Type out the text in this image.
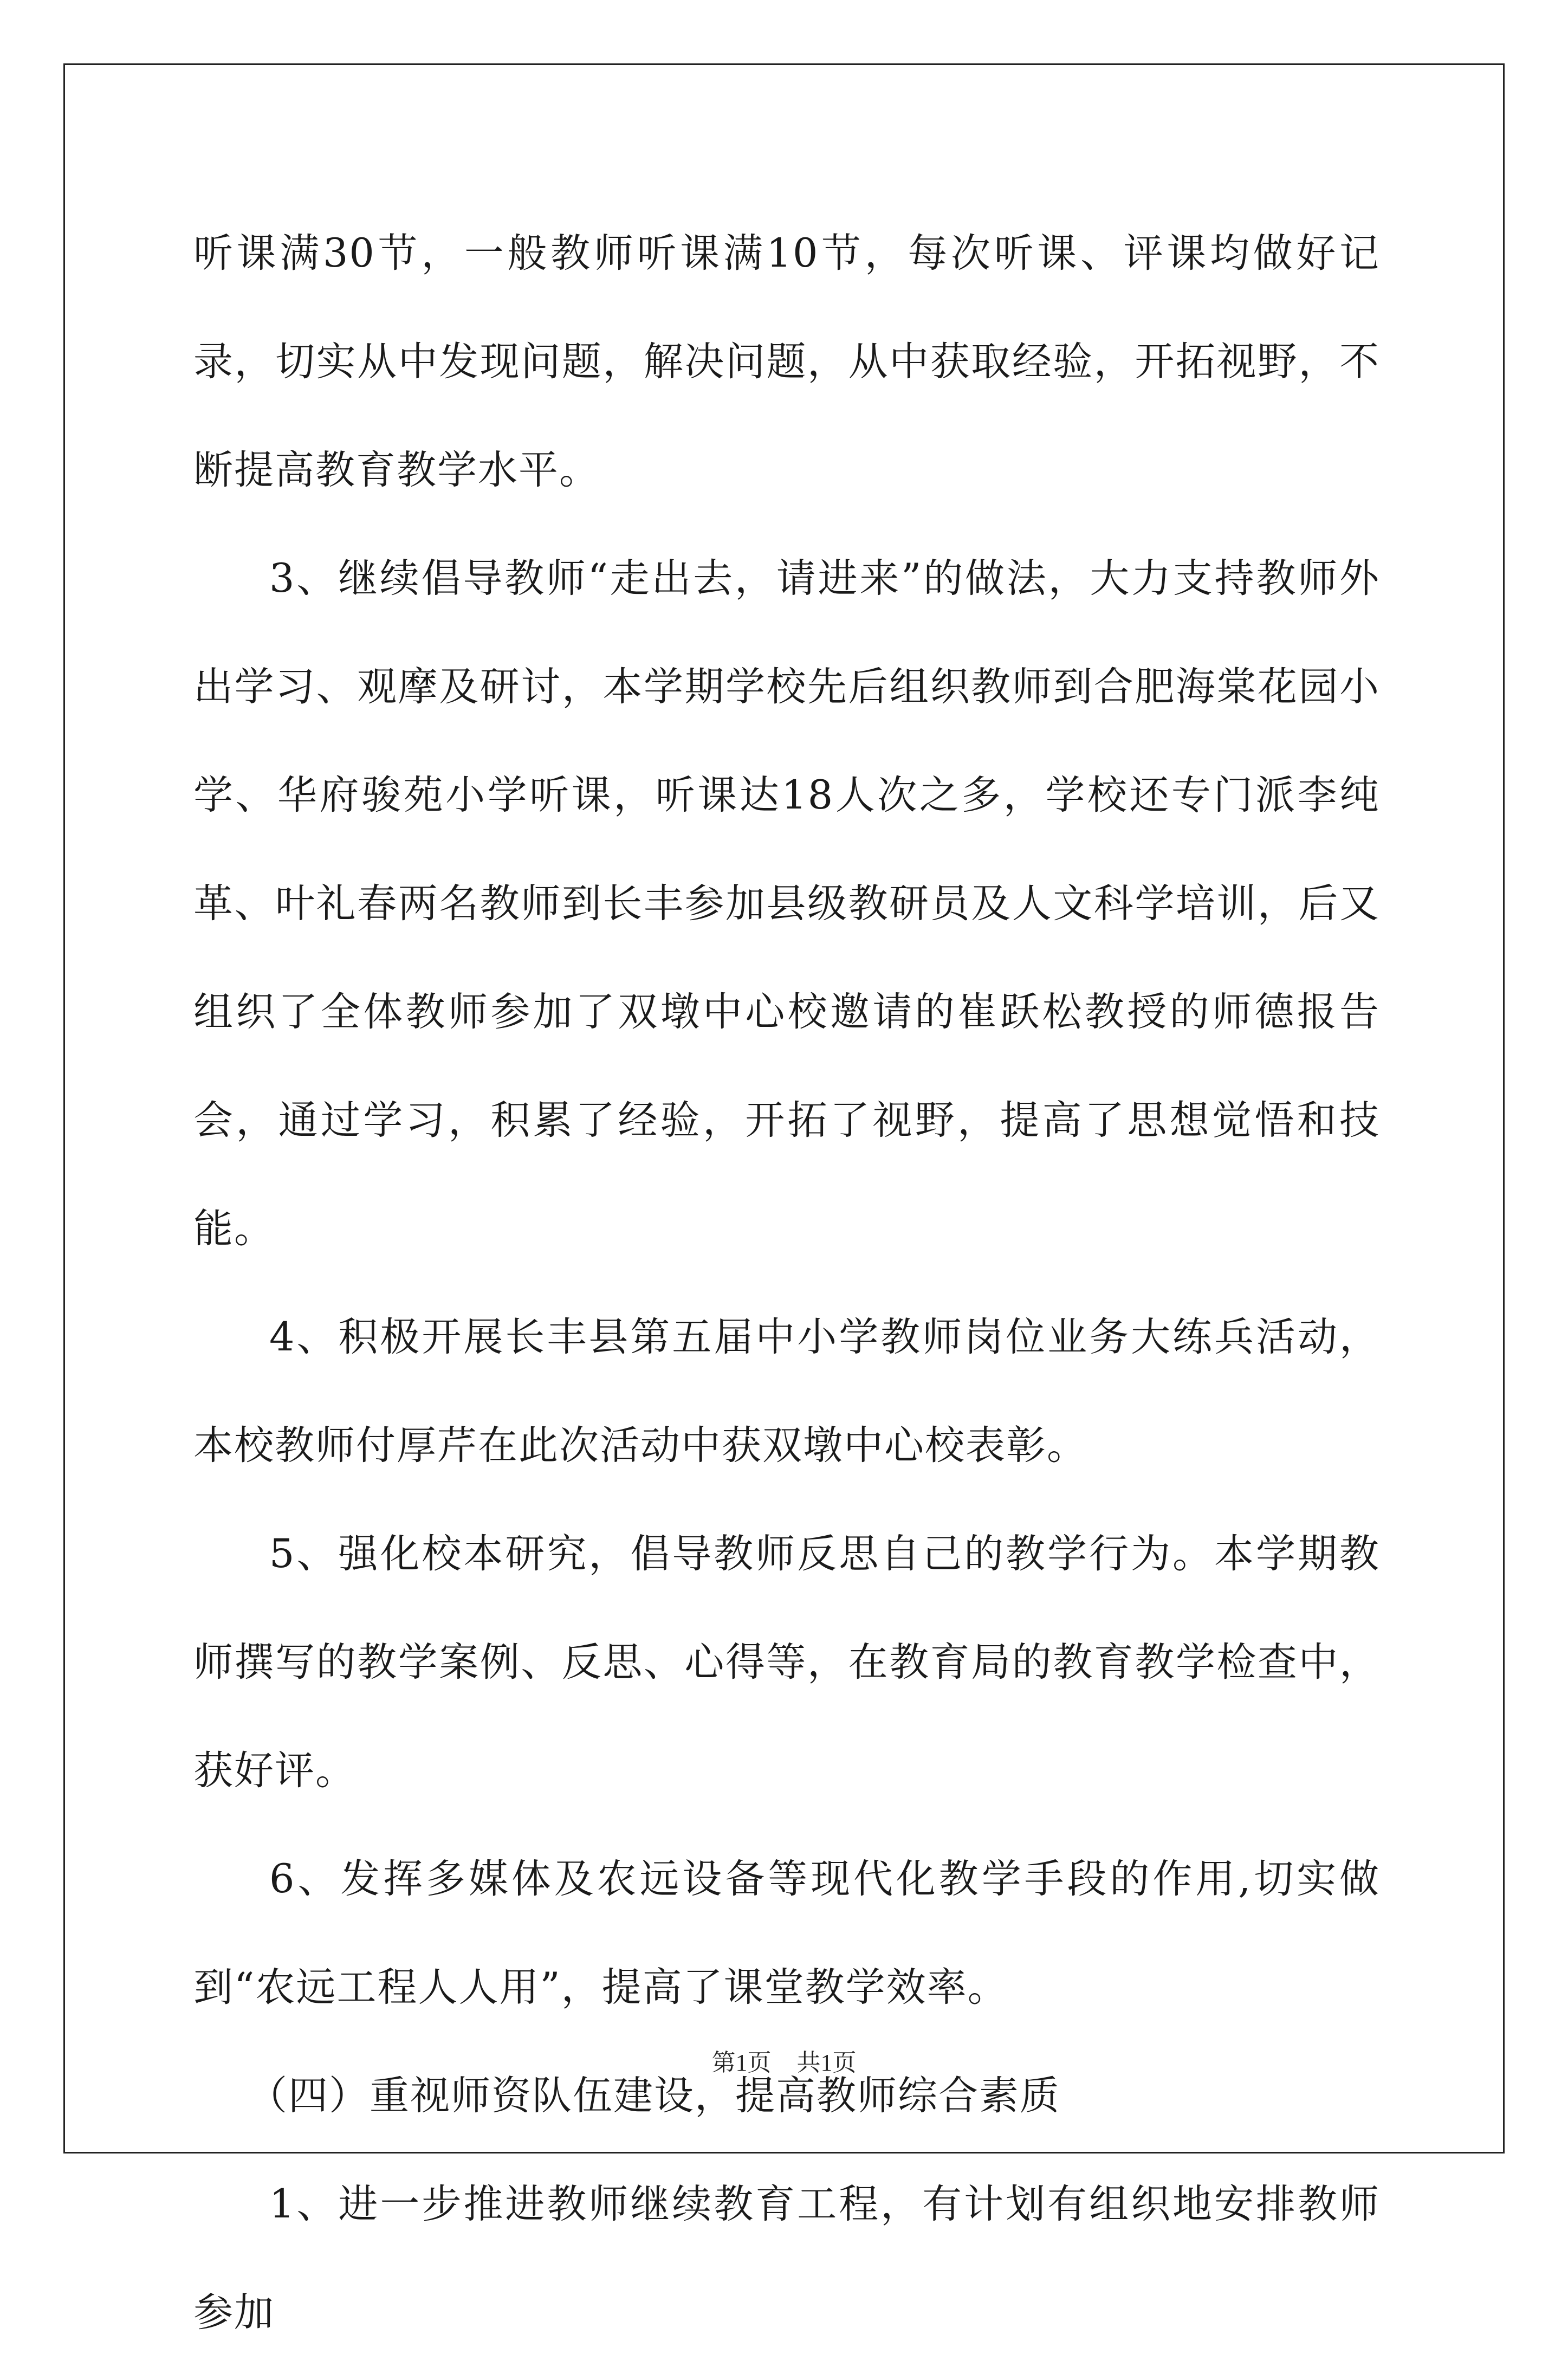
听课满30节，一般教师听课满10节，每次听课、评课均做好记录，切实从中发现问题，解决问题，从中获取经验，开拓视野，不断提高教育教学水平。

3、继续倡导教师“走出去，请进来”的做法，大力支持教师外出学习、观摩及研讨，本学期学校先后组织教师到合肥海棠花园小学、华府骏苑小学听课，听课达18人次之多，学校还专门派李纯革、叶礼春两名教师到长丰参加县级教研员及人文科学培训，后又组织了全体教师参加了双墩中心校邀请的崔跃松教授的师德报告会，通过学习，积累了经验，开拓了视野，提高了思想觉悟和技能。

4、积极开展长丰县第五届中小学教师岗位业务大练兵活动，本校教师付厚芹在此次活动中获双墩中心校表彰。

5、强化校本研究，倡导教师反思自己的教学行为。本学期教师撰写的教学案例、反思、心得等，在教育局的教育教学检查中，获好评。

6、发挥多媒体及农远设备等现代化教学手段的作用,切实做到“农远工程人人用”，提高了课堂教学效率。

（四）重视师资队伍建设，提高教师综合素质

1、进一步推进教师继续教育工程，有计划有组织地安排教师参加

第1页 共1页
